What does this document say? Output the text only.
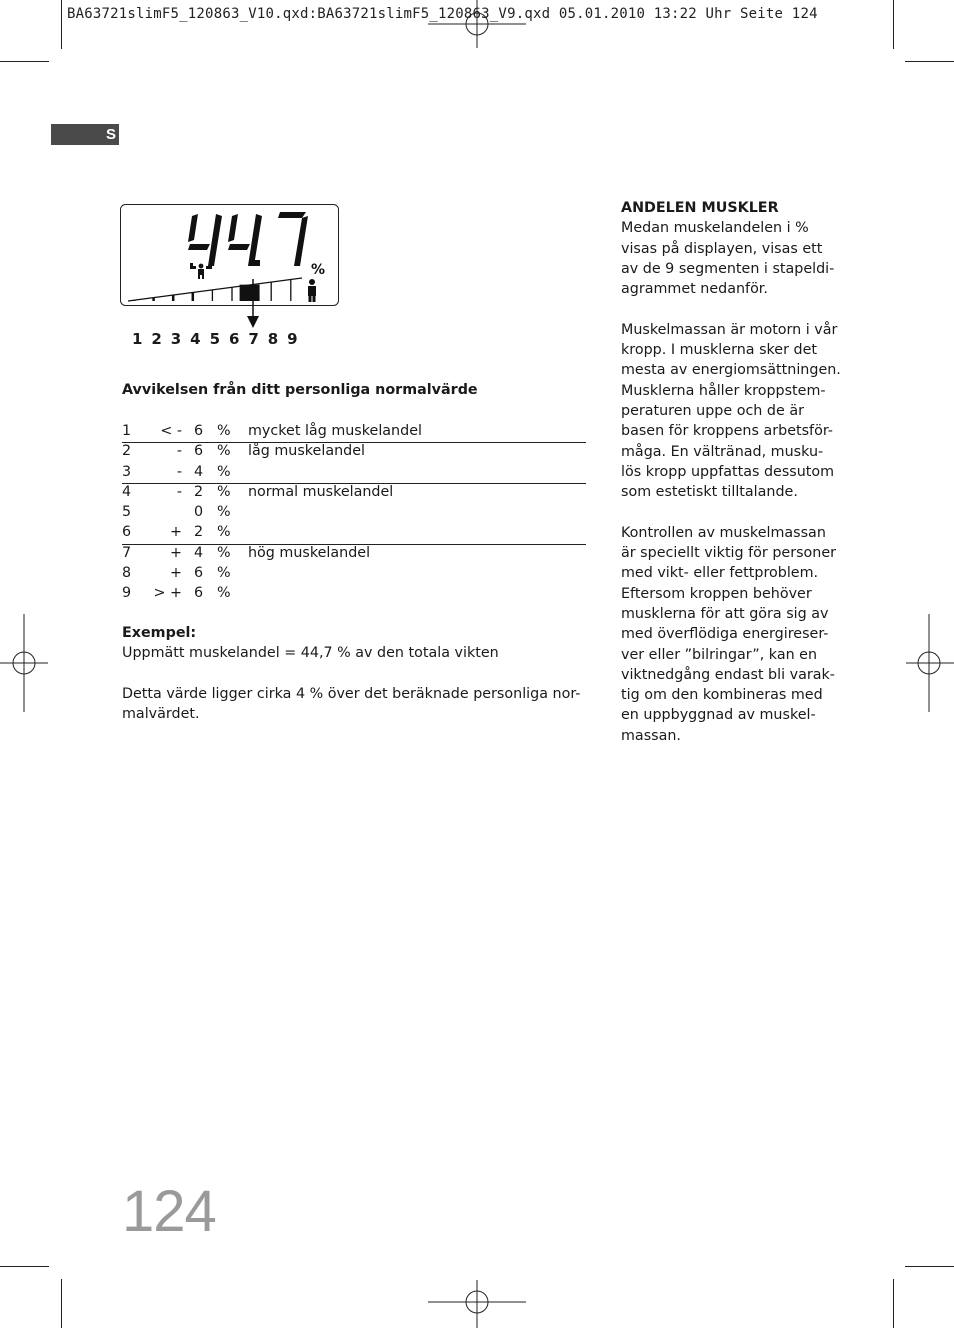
BA63721slimF5_120863_V10.qxd:BA63721slimF5_120863_V9.qxd 05.01.2010 13:22 Uhr Seite 124
S
%
1 2 3 4 5 6 7 8 9
Avvikelsen från ditt personliga normalvärde
1 < - 6 % mycket låg muskelandel
2	- 6 % låg muskelandel
3	- 4 %
4	- 2 % normal muskelandel
5	0 %
6	+ 2 %
7	+ 4 % hög muskelandel
8	+ 6 %
9 > + 6 %
Exempel:
Uppmätt muskelandel = 44,7 % av den totala vikten
Detta värde ligger cirka 4 % över det beräknade personliga nor-
malvärdet.
ANDELEN MUSKLER
Medan muskelandelen i %
visas på displayen, visas ett
av de 9 segmenten i stapeldi-
agrammet nedanför.
Muskelmassan är motorn i vår
kropp. I musklerna sker det
mesta av energiomsättningen.
Musklerna håller kroppstem-
peraturen uppe och de är
basen för kroppens arbetsför-
måga. En vältränad, musku-
lös kropp uppfattas dessutom
som estetiskt tilltalande.
Kontrollen av muskelmassan
är speciellt viktig för personer
med vikt- eller fettproblem.
Eftersom kroppen behöver
musklerna för att göra sig av
med överflödiga energireser-
ver eller ”bilringar”, kan en
viktnedgång endast bli varak-
tig om den kombineras med
en uppbyggnad av muskel-
massan.
124
